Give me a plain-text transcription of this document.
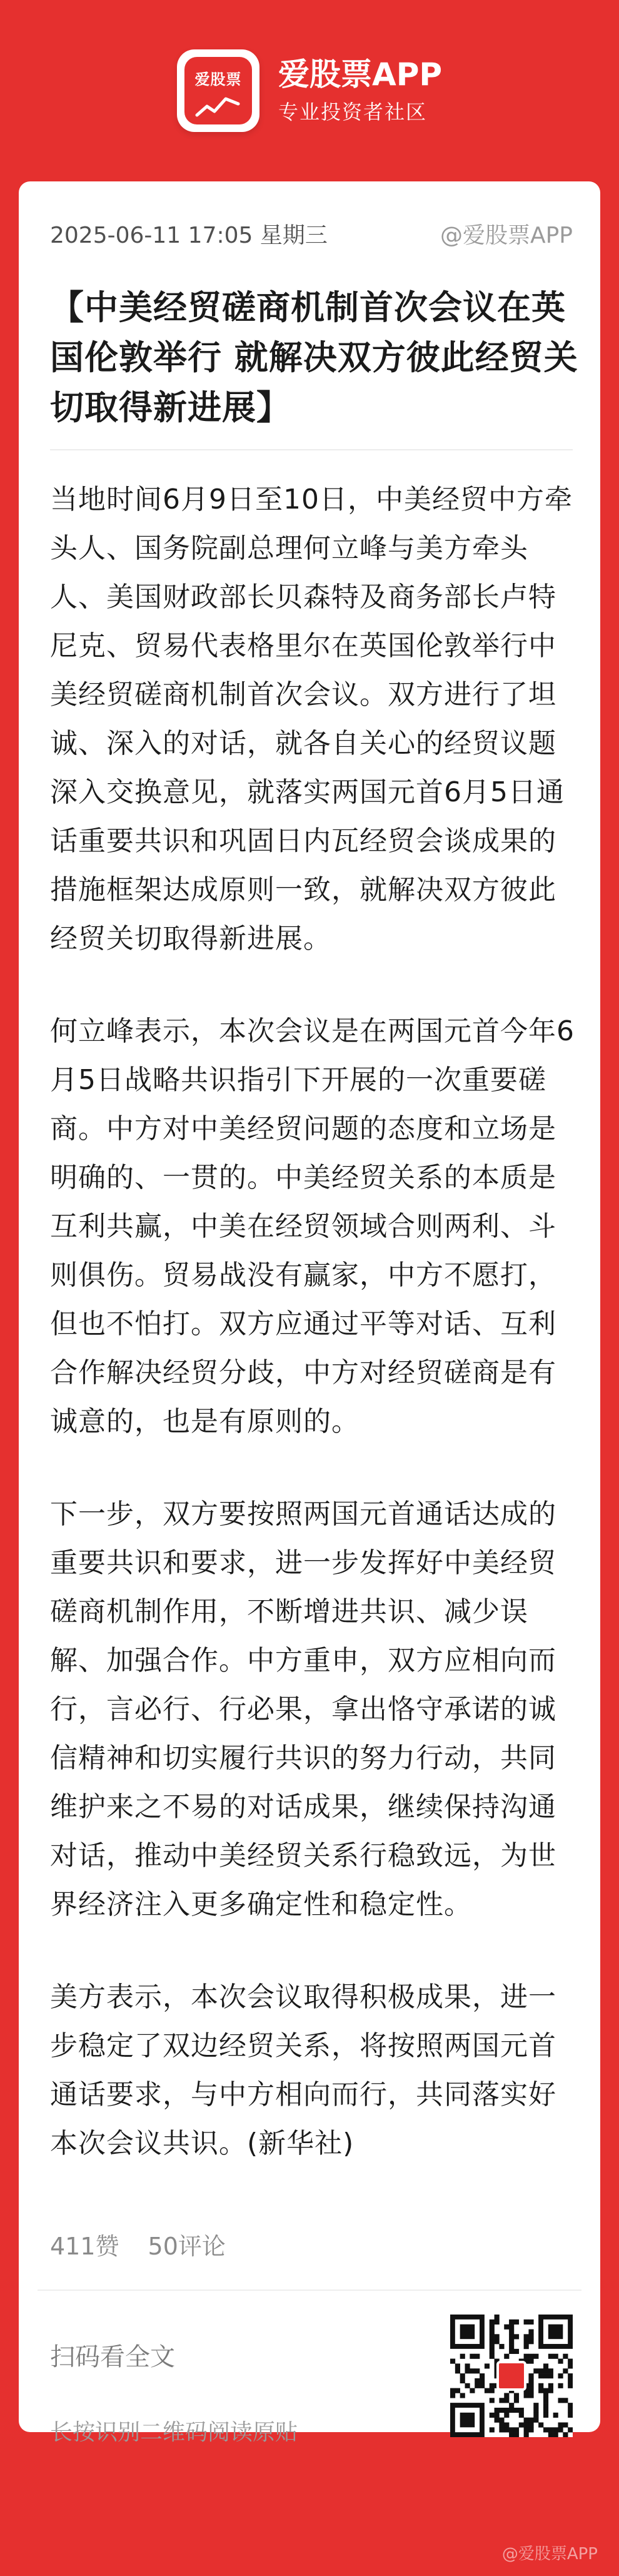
爱股票 爱股票APP
专业投资者社区
2025-06-11 17:05 星期三	@爱股票APP
【中美经贸磋商机制首次会议在英国伦敦举行 就解决双方彼此经贸关切取得新进展】

当地时间6月9日至10日，中美经贸中方牵头人、国务院副总理何立峰与美方牵头人、美国财政部长贝森特及商务部长卢特尼克、贸易代表格里尔在英国伦敦举行中美经贸磋商机制首次会议。双方进行了坦诚、深入的对话，就各自关心的经贸议题深入交换意见，就落实两国元首6月5日通话重要共识和巩固日内瓦经贸会谈成果的措施框架达成原则一致，就解决双方彼此经贸关切取得新进展。

何立峰表示，本次会议是在两国元首今年6月5日战略共识指引下开展的一次重要磋商。中方对中美经贸问题的态度和立场是明确的、一贯的。中美经贸关系的本质是互利共赢，中美在经贸领域合则两利、斗则俱伤。贸易战没有赢家，中方不愿打，但也不怕打。双方应通过平等对话、互利合作解决经贸分歧，中方对经贸磋商是有诚意的，也是有原则的。

下一步，双方要按照两国元首通话达成的重要共识和要求，进一步发挥好中美经贸磋商机制作用，不断增进共识、减少误解、加强合作。中方重申，双方应相向而行，言必行、行必果，拿出恪守承诺的诚信精神和切实履行共识的努力行动，共同维护来之不易的对话成果，继续保持沟通对话，推动中美经贸关系行稳致远，为世界经济注入更多确定性和稳定性。

美方表示，本次会议取得积极成果，进一步稳定了双边经贸关系，将按照两国元首通话要求，与中方相向而行，共同落实好本次会议共识。(新华社)

411赞 50评论
扫码看全文
长按识别二维码阅读原贴
@爱股票APP
